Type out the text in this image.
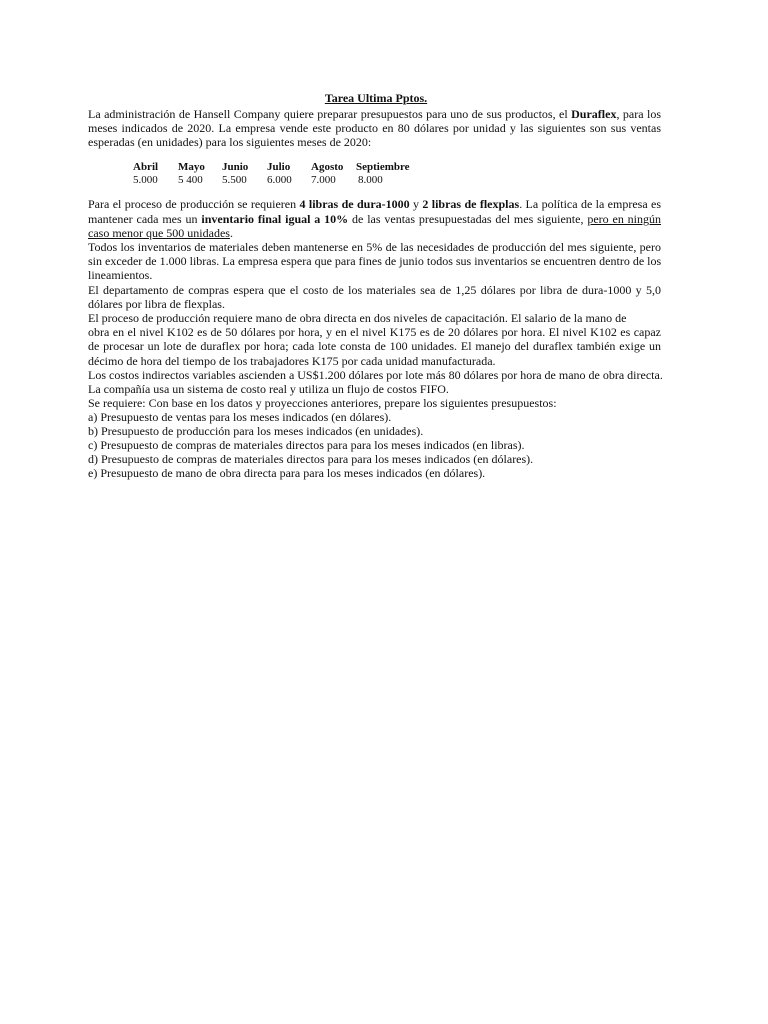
Tarea Ultima Pptos.
La administración de Hansell Company quiere preparar presupuestos para uno de sus productos, el Duraflex, para los
meses indicados de 2020. La empresa vende este producto en 80 dólares por unidad y las siguientes son sus ventas
esperadas (en unidades) para los siguientes meses de 2020:
Abril Mayo Junio Julio Agosto Septiembre
5.000 5 400 5.500 6.000 7.000 8.000
Para el proceso de producción se requieren 4 libras de dura-1000 y 2 libras de flexplas. La política de la empresa es
mantener cada mes un inventario final igual a 10% de las ventas presupuestadas del mes siguiente, pero en ningún
caso menor que 500 unidades.
Todos los inventarios de materiales deben mantenerse en 5% de las necesidades de producción del mes siguiente, pero
sin exceder de 1.000 libras. La empresa espera que para fines de junio todos sus inventarios se encuentren dentro de los
lineamientos.
El departamento de compras espera que el costo de los materiales sea de 1,25 dólares por libra de dura-1000 y 5,0
dólares por libra de flexplas.
El proceso de producción requiere mano de obra directa en dos niveles de capacitación. El salario de la mano de
obra en el nivel K102 es de 50 dólares por hora, y en el nivel K175 es de 20 dólares por hora. El nivel K102 es capaz
de procesar un lote de duraflex por hora; cada lote consta de 100 unidades. El manejo del duraflex también exige un
décimo de hora del tiempo de los trabajadores K175 por cada unidad manufacturada.
Los costos indirectos variables ascienden a US$1.200 dólares por lote más 80 dólares por hora de mano de obra directa.
La compañía usa un sistema de costo real y utiliza un flujo de costos FIFO.
Se requiere: Con base en los datos y proyecciones anteriores, prepare los siguientes presupuestos:
a) Presupuesto de ventas para los meses indicados (en dólares).
b) Presupuesto de producción para los meses indicados (en unidades).
c) Presupuesto de compras de materiales directos para para los meses indicados (en libras).
d) Presupuesto de compras de materiales directos para para los meses indicados (en dólares).
e) Presupuesto de mano de obra directa para para los meses indicados (en dólares).
